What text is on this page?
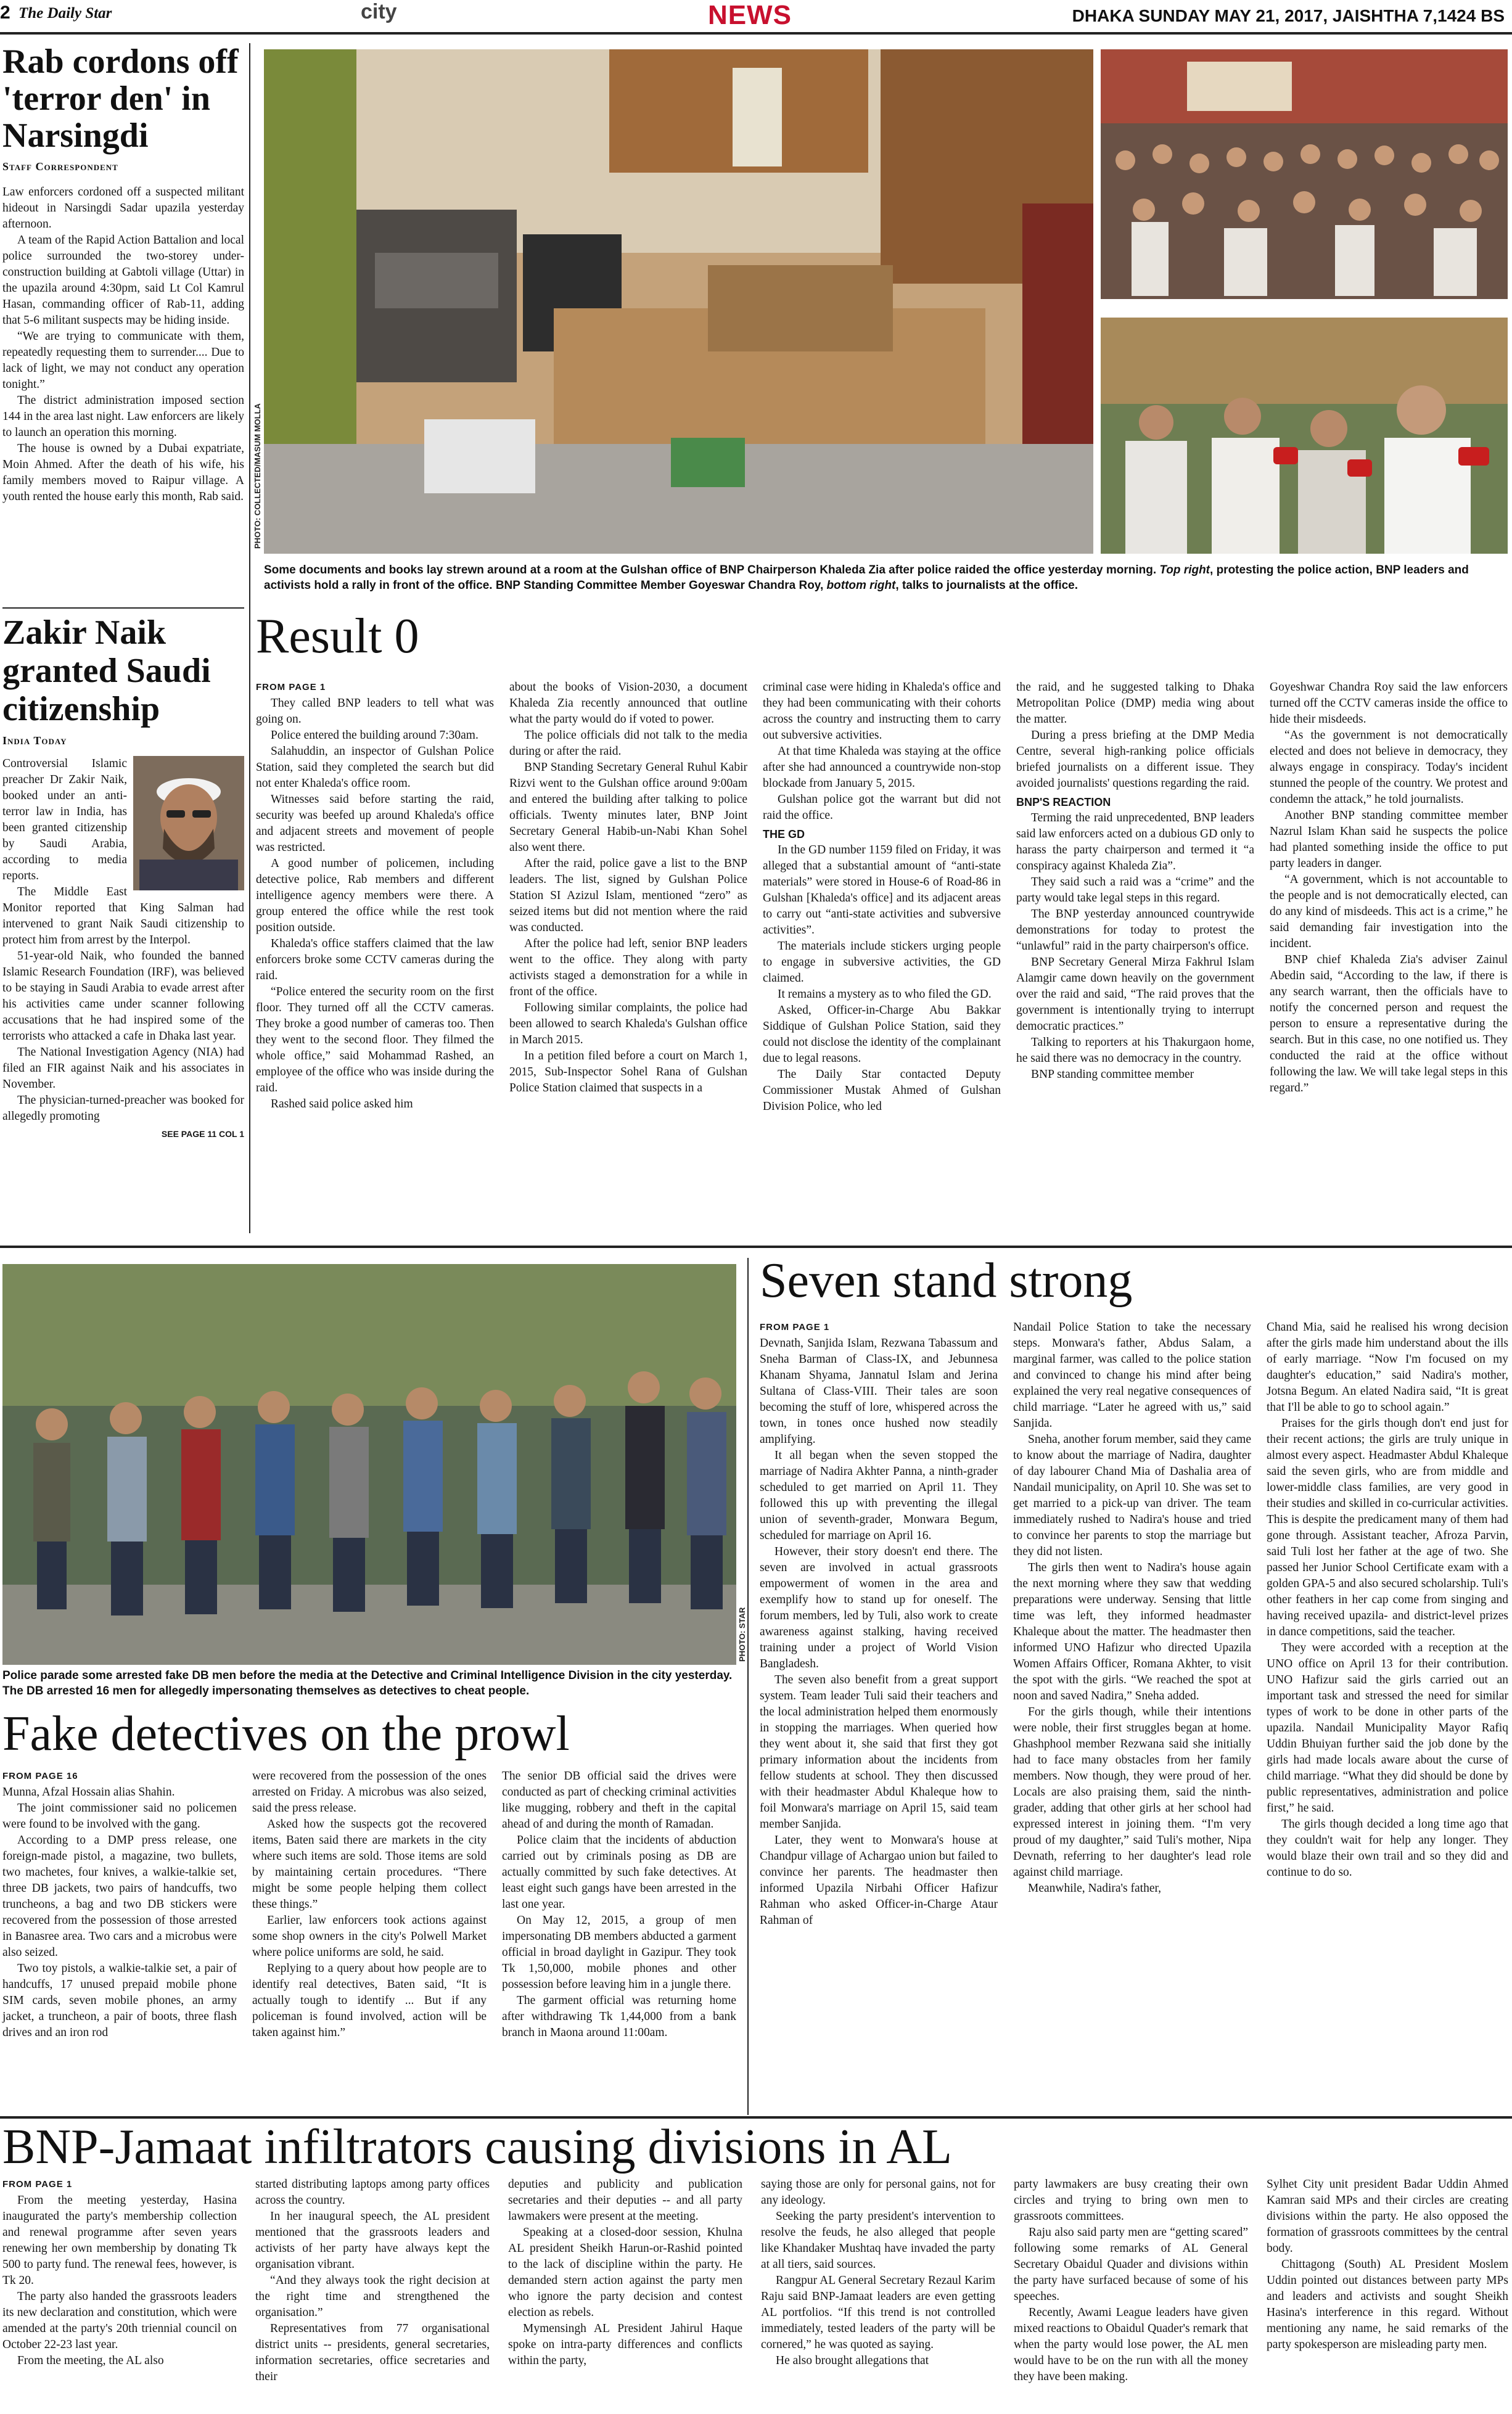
2 The Daily Star	city	NEWS	DHAKA SUNDAY MAY 21, 2017, JAISHTHA 7,1424 BS
Rab cordons off 'terror den' in Narsingdi
Staff Correspondent

Law enforcers cordoned off a suspected militant hideout in Narsingdi Sadar upazila yesterday afternoon.

A team of the Rapid Action Battalion and local police surrounded the two-storey under-construction building at Gabtoli village (Uttar) in the upazila around 4:30pm, said Lt Col Kamrul Hasan, commanding officer of Rab-11, adding that 5-6 militant suspects may be hiding inside.

“We are trying to communicate with them, repeatedly requesting them to surrender.... Due to lack of light, we may not conduct any operation tonight.”

The district administration imposed section 144 in the area last night. Law enforcers are likely to launch an operation this morning.

The house is owned by a Dubai expatriate, Moin Ahmed. After the death of his wife, his family members moved to Raipur village. A youth rented the house early this month, Rab said.

Zakir Naik granted Saudi citizenship
India Today

Controversial Islamic preacher Dr Zakir Naik, booked under an anti-terror law in India, has been granted citizenship by Saudi Arabia, according to media reports.

The Middle East Monitor reported that King Salman had intervened to grant Naik Saudi citizenship to protect him from arrest by the Interpol.

51-year-old Naik, who founded the banned Islamic Research Foundation (IRF), was believed to be staying in Saudi Arabia to evade arrest after his activities came under scanner following accusations that he had inspired some of the terrorists who attacked a cafe in Dhaka last year.

The National Investigation Agency (NIA) had filed an FIR against Naik and his associates in November.

The physician-turned-preacher was booked for allegedly promoting

SEE PAGE 11 COL 1
PHOTO: COLLECTED/MASUM MOLLA
Some documents and books lay strewn around at a room at the Gulshan office of BNP Chairperson Khaleda Zia after police raided the office yesterday morning. Top right, protesting the police action, BNP leaders and activists hold a rally in front of the office. BNP Standing Committee Member Goyeswar Chandra Roy, bottom right, talks to journalists at the office.
Result 0
FROM PAGE 1

They called BNP leaders to tell what was going on.

Police entered the building around 7:30am.

Salahuddin, an inspector of Gulshan Police Station, said they completed the search but did not enter Khaleda's office room.

Witnesses said before starting the raid, security was beefed up around Khaleda's office and adjacent streets and movement of people was restricted.

A good number of policemen, including detective police, Rab members and different intelligence agency members were there. A group entered the office while the rest took position outside.

Khaleda's office staffers claimed that the law enforcers broke some CCTV cameras during the raid.

“Police entered the security room on the first floor. They turned off all the CCTV cameras. They broke a good number of cameras too. Then they went to the second floor. They filmed the whole office,” said Mohammad Rashed, an employee of the office who was inside during the raid.

Rashed said police asked him

about the books of Vision-2030, a document Khaleda Zia recently announced that outline what the party would do if voted to power.

The police officials did not talk to the media during or after the raid.

BNP Standing Secretary General Ruhul Kabir Rizvi went to the Gulshan office around 9:00am and entered the building after talking to police officials. Twenty minutes later, BNP Joint Secretary General Habib-un-Nabi Khan Sohel also went there.

After the raid, police gave a list to the BNP leaders. The list, signed by Gulshan Police Station SI Azizul Islam, mentioned “zero” as seized items but did not mention where the raid was conducted.

After the police had left, senior BNP leaders went to the office. They along with party activists staged a demonstration for a while in front of the office.

Following similar complaints, the police had been allowed to search Khaleda's Gulshan office in March 2015.

In a petition filed before a court on March 1, 2015, Sub-Inspector Sohel Rana of Gulshan Police Station claimed that suspects in a

criminal case were hiding in Khaleda's office and they had been communicating with their cohorts across the country and instructing them to carry out subversive activities.

At that time Khaleda was staying at the office after she had announced a countrywide non-stop blockade from January 5, 2015.

Gulshan police got the warrant but did not raid the office.

THE GD

In the GD number 1159 filed on Friday, it was alleged that a substantial amount of “anti-state materials” were stored in House-6 of Road-86 in Gulshan [Khaleda's office] and its adjacent areas to carry out “anti-state activities and subversive activities”.

The materials include stickers urging people to engage in subversive activities, the GD claimed.

It remains a mystery as to who filed the GD.

Asked, Officer-in-Charge Abu Bakkar Siddique of Gulshan Police Station, said they could not disclose the identity of the complainant due to legal reasons.

The Daily Star contacted Deputy Commissioner Mustak Ahmed of Gulshan Division Police, who led

the raid, and he suggested talking to Dhaka Metropolitan Police (DMP) media wing about the matter.

During a press briefing at the DMP Media Centre, several high-ranking police officials briefed journalists on a different issue. They avoided journalists' questions regarding the raid.

BNP'S REACTION

Terming the raid unprecedented, BNP leaders said law enforcers acted on a dubious GD only to harass the party chairperson and termed it “a conspiracy against Khaleda Zia”.

They said such a raid was a “crime” and the party would take legal steps in this regard.

The BNP yesterday announced countrywide demonstrations for today to protest the “unlawful” raid in the party chairperson's office.

BNP Secretary General Mirza Fakhrul Islam Alamgir came down heavily on the government over the raid and said, “The raid proves that the government is intentionally trying to interrupt democratic practices.”

Talking to reporters at his Thakurgaon home, he said there was no democracy in the country.

BNP standing committee member

Goyeshwar Chandra Roy said the law enforcers turned off the CCTV cameras inside the office to hide their misdeeds.

“As the government is not democratically elected and does not believe in democracy, they always engage in conspiracy. Today's incident stunned the people of the country. We protest and condemn the attack,” he told journalists.

Another BNP standing committee member Nazrul Islam Khan said he suspects the police had planted something inside the office to put party leaders in danger.

“A government, which is not accountable to the people and is not democratically elected, can do any kind of misdeeds. This act is a crime,” he said demanding fair investigation into the incident.

BNP chief Khaleda Zia's adviser Zainul Abedin said, “According to the law, if there is any search warrant, then the officials have to notify the concerned person and request the person to ensure a representative during the search. But in this case, no one notified us. They conducted the raid at the office without following the law. We will take legal steps in this regard.”

PHOTO: STAR
Police parade some arrested fake DB men before the media at the Detective and Criminal Intelligence Division in the city yesterday. The DB arrested 16 men for allegedly impersonating themselves as detectives to cheat people.
Fake detectives on the prowl
FROM PAGE 16

Munna, Afzal Hossain alias Shahin.

The joint commissioner said no policemen were found to be involved with the gang.

According to a DMP press release, one foreign-made pistol, a magazine, two bullets, two machetes, four knives, a walkie-talkie set, three DB jackets, two pairs of handcuffs, two truncheons, a bag and two DB stickers were recovered from the possession of those arrested in Banasree area. Two cars and a microbus were also seized.

Two toy pistols, a walkie-talkie set, a pair of handcuffs, 17 unused prepaid mobile phone SIM cards, seven mobile phones, an army jacket, a truncheon, a pair of boots, three flash drives and an iron rod

were recovered from the possession of the ones arrested on Friday. A microbus was also seized, said the press release.

Asked how the suspects got the recovered items, Baten said there are markets in the city where such items are sold. Those items are sold by maintaining certain procedures. “There might be some people helping them collect these things.”

Earlier, law enforcers took actions against some shop owners in the city's Polwell Market where police uniforms are sold, he said.

Replying to a query about how people are to identify real detectives, Baten said, “It is actually tough to identify ... But if any policeman is found involved, action will be taken against him.”

The senior DB official said the drives were conducted as part of checking criminal activities like mugging, robbery and theft in the capital ahead of and during the month of Ramadan.

Police claim that the incidents of abduction carried out by criminals posing as DB are actually committed by such fake detectives. At least eight such gangs have been arrested in the last one year.

On May 12, 2015, a group of men impersonating DB members abducted a garment official in broad daylight in Gazipur. They took Tk 1,50,000, mobile phones and other possession before leaving him in a jungle there.

The garment official was returning home after withdrawing Tk 1,44,000 from a bank branch in Maona around 11:00am.

Seven stand strong
FROM PAGE 1

Devnath, Sanjida Islam, Rezwana Tabassum and Sneha Barman of Class-IX, and Jebunnesa Khanam Shyama, Jannatul Islam and Jerina Sultana of Class-VIII. Their tales are soon becoming the stuff of lore, whispered across the town, in tones once hushed now steadily amplifying.

It all began when the seven stopped the marriage of Nadira Akhter Panna, a ninth-grader scheduled to get married on April 11. They followed this up with preventing the illegal union of seventh-grader, Monwara Begum, scheduled for marriage on April 16.

However, their story doesn't end there. The seven are involved in actual grassroots empowerment of women in the area and exemplify how to stand up for oneself. The forum members, led by Tuli, also work to create awareness against stalking, having received training under a project of World Vision Bangladesh.

The seven also benefit from a great support system. Team leader Tuli said their teachers and the local administration helped them enormously in stopping the marriages. When queried how they went about it, she said that first they got primary information about the incidents from fellow students at school. They then discussed with their headmaster Abdul Khaleque how to foil Monwara's marriage on April 15, said team member Sanjida.

Later, they went to Monwara's house at Chandpur village of Achargao union but failed to convince her parents. The headmaster then informed Upazila Nirbahi Officer Hafizur Rahman who asked Officer-in-Charge Ataur Rahman of

Nandail Police Station to take the necessary steps. Monwara's father, Abdus Salam, a marginal farmer, was called to the police station and convinced to change his mind after being explained the very real negative consequences of child marriage. “Later he agreed with us,” said Sanjida.

Sneha, another forum member, said they came to know about the marriage of Nadira, daughter of day labourer Chand Mia of Dashalia area of Nandail municipality, on April 10. She was set to get married to a pick-up van driver. The team immediately rushed to Nadira's house and tried to convince her parents to stop the marriage but they did not listen.

The girls then went to Nadira's house again the next morning where they saw that wedding preparations were underway. Sensing that little time was left, they informed headmaster Khaleque about the matter. The headmaster then informed UNO Hafizur who directed Upazila Women Affairs Officer, Romana Akhter, to visit the spot with the girls. “We reached the spot at noon and saved Nadira,” Sneha added.

For the girls though, while their intentions were noble, their first struggles began at home. Ghashphool member Rezwana said she initially had to face many obstacles from her family members. Now though, they were proud of her. Locals are also praising them, said the ninth-grader, adding that other girls at her school had expressed interest in joining them. “I'm very proud of my daughter,” said Tuli's mother, Nipa Devnath, referring to her daughter's lead role against child marriage.

Meanwhile, Nadira's father,

Chand Mia, said he realised his wrong decision after the girls made him understand about the ills of early marriage. “Now I'm focused on my daughter's education,” said Nadira's mother, Jotsna Begum. An elated Nadira said, “It is great that I'll be able to go to school again.”

Praises for the girls though don't end just for their recent actions; the girls are truly unique in almost every aspect. Headmaster Abdul Khaleque said the seven girls, who are from middle and lower-middle class families, are very good in their studies and skilled in co-curricular activities. This is despite the predicament many of them had gone through. Assistant teacher, Afroza Parvin, said Tuli lost her father at the age of two. She passed her Junior School Certificate exam with a golden GPA-5 and also secured scholarship. Tuli's other feathers in her cap come from singing and having received upazila- and district-level prizes in dance competitions, said the teacher.

They were accorded with a reception at the UNO office on April 13 for their contribution. UNO Hafizur said the girls carried out an important task and stressed the need for similar types of work to be done in other parts of the upazila. Nandail Municipality Mayor Rafiq Uddin Bhuiyan further said the job done by the girls had made locals aware about the curse of child marriage. “What they did should be done by public representatives, administration and police first,” he said.

The girls though decided a long time ago that they couldn't wait for help any longer. They would blaze their own trail and so they did and continue to do so.

BNP-Jamaat infiltrators causing divisions in AL
FROM PAGE 1

From the meeting yesterday, Hasina inaugurated the party's membership collection and renewal programme after seven years renewing her own membership by donating Tk 500 to party fund. The renewal fees, however, is Tk 20.

The party also handed the grassroots leaders its new declaration and constitution, which were amended at the party's 20th triennial council on October 22-23 last year.

From the meeting, the AL also

started distributing laptops among party offices across the country.

In her inaugural speech, the AL president mentioned that the grassroots leaders and activists of her party have always kept the organisation vibrant.

“And they always took the right decision at the right time and strengthened the organisation.”

Representatives from 77 organisational district units -- presidents, general secretaries, information secretaries, office secretaries and their

deputies and publicity and publication secretaries and their deputies -- and all party lawmakers were present at the meeting.

Speaking at a closed-door session, Khulna AL president Sheikh Harun-or-Rashid pointed to the lack of discipline within the party. He demanded stern action against the party men who ignore the party decision and contest election as rebels.

Mymensingh AL President Jahirul Haque spoke on intra-party differences and conflicts within the party,

saying those are only for personal gains, not for any ideology.

Seeking the party president's intervention to resolve the feuds, he also alleged that people like Khandaker Mushtaq have invaded the party at all tiers, said sources.

Rangpur AL General Secretary Rezaul Karim Raju said BNP-Jamaat leaders are even getting AL portfolios. “If this trend is not controlled immediately, tested leaders of the party will be cornered,” he was quoted as saying.

He also brought allegations that

party lawmakers are busy creating their own circles and trying to bring own men to grassroots committees.

Raju also said party men are “getting scared” following some remarks of AL General Secretary Obaidul Quader and divisions within the party have surfaced because of some of his speeches.

Recently, Awami League leaders have given mixed reactions to Obaidul Quader's remark that when the party would lose power, the AL men would have to be on the run with all the money they have been making.

Sylhet City unit president Badar Uddin Ahmed Kamran said MPs and their circles are creating divisions within the party. He also opposed the formation of grassroots committees by the central body.

Chittagong (South) AL President Moslem Uddin pointed out distances between party MPs and leaders and activists and sought Sheikh Hasina's interference in this regard. Without mentioning any name, he said remarks of the party spokesperson are misleading party men.
